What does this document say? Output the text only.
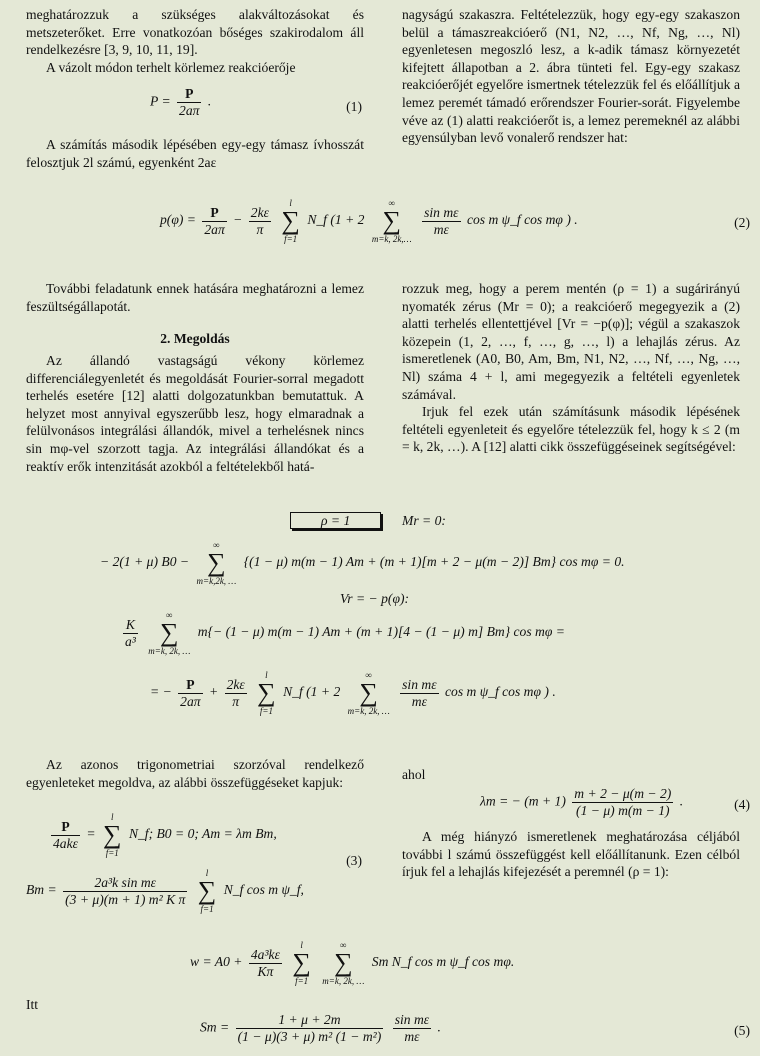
meghatározzuk a szükséges alakváltozásokat és metszeterőket. Erre vonatkozóan bőséges szakirodalom áll rendelkezésre [3, 9, 10, 11, 19].

A vázolt módon terhelt körlemez reakcióerője

$P = \frac{P}{2a\pi}$ .	(1)

A számítás második lépésében egy-egy támasz ívhosszát felosztjuk 2l számú, egyenként 2aε

nagyságú szakaszra. Feltételezzük, hogy egy-egy szakaszon belül a támaszreakcióerő (N1, N2, …, Nf, Ng, …, Nl) egyenletesen megoszló lesz, a k-adik támasz környezetét kifejtett állapotban a 2. ábra tünteti fel. Egy-egy szakasz reakcióerőjét egyelőre ismertnek tételezzük fel és előállítjuk a lemez peremét támadó erőrendszer Fourier-sorát. Figyelembe véve az (1) alatti reakcióerőt is, a lemez peremeknél az alábbi egyensúlyban levő vonalerő rendszer hat:

$p(\varphi) = \frac{P}{2a\pi} - \frac{2k\varepsilon}{\pi}$

l
∑
f=1
N_f (1 + 2
∞
∑
m=k, 2k,…

$\frac{\text{sin mε}}{m\varepsilon}$ cos m ψ_f cos mφ ) .	(2)

További feladatunk ennek hatására meghatározni a lemez feszültségállapotát.

2. Megoldás

Az állandó vastagságú vékony körlemez differenciálegyenletét és megoldását Fourier-sorral megadott terhelés esetére [12] alatti dolgozatunkban bemutattuk. A helyzet most annyival egyszerűbb lesz, hogy elmaradnak a felülvonásos integrálási állandók, mivel a terhelésnek nincs sin mφ-vel szorzott tagja. Az integrálási állandókat és a reaktív erők intenzitását azokból a feltételekből hatá-

rozzuk meg, hogy a perem mentén (ρ = 1) a sugárirányú nyomaték zérus (Mr = 0); a reakcióerő megegyezik a (2) alatti terhelés ellentettjével [Vr = −p(φ)]; végül a szakaszok közepein (1, 2, …, f, …, g, …, l) a lehajlás zérus. Az ismeretlenek (A0, B0, Am, Bm, N1, N2, …, Nf, …, Ng, …, Nl) száma 4 + l, ami megegyezik a feltételi egyenletek számával.

Irjuk fel ezek után számításunk második lépésének feltételi egyenleteit és egyelőre tételezzük fel, hogy k ≤ 2 (m = k, 2k, …). A [12] alatti cikk összefüggéseinek segítségével:

ρ = 1	Mr = 0:
− 2(1 + μ) B0 −
∞
∑
m=k,2k, …
{(1 − μ) m(m − 1) Am + (m + 1)[m + 2 − μ(m − 2)] Bm} cos mφ = 0.
Vr = − p(φ):
$\frac{K}{\text{a³}}$

∞
∑
m=k, 2k, …
m{− (1 − μ) m(m − 1) Am + (m + 1)[4 − (1 − μ) m] Bm} cos mφ =
= − $\frac{P}{2a\pi} + \frac{2k\varepsilon}{\pi}$

l
∑
f=1
N_f (1 + 2
∞
∑
m=k, 2k, …

$\frac{\text{sin mε}}{m\varepsilon}$ cos m ψ_f cos mφ ) .

Az azonos trigonometriai szorzóval rendelkező egyenleteket megoldva, az alábbi összefüggéseket kapjuk:

$\frac{P}{\text{4akε}}$ =
l
∑
f=1
N_f; B0 = 0; Am = λm Bm,
(3)
$Bm = \frac{\text{2a³k sin mε}}{\text{(3 + μ)(m + 1) m² K π}}$

l
∑
f=1
N_f cos m ψ_f,

ahol

λm = − $(m + 1) \frac{m + 2 - \mu(m - 2)}{(1 - \mu) m(m - 1)}$ .	(4)

A még hiányzó ismeretlenek meghatározása céljából további l számú összefüggést kell előállítanunk. Ezen célból írjuk fel a lehajlás kifejezését a peremnél (ρ = 1):

$w = A0 + \frac{\text{4a³kε}}{K\pi}$

l
∑
f=1

∞
∑
m=k, 2k, …
Sm N_f cos m ψ_f cos mφ.

Itt

$Sm = \frac{1 + \mu + 2m}{\text{(1 − μ)(3 + μ) m² (1 − m²)}}$
$\frac{\text{sin mε}}{m\varepsilon}$ .	(5)
